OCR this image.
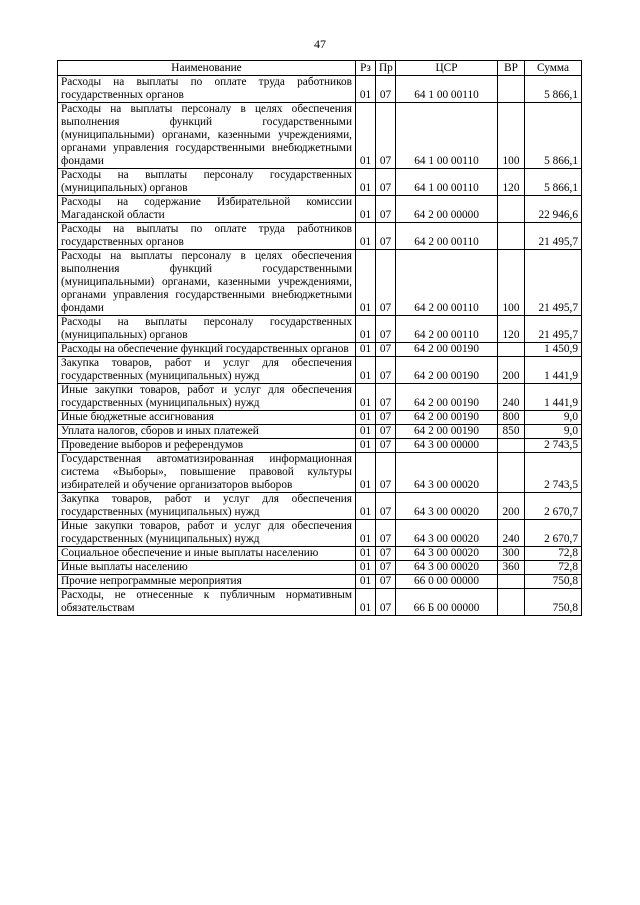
47
Наименование	Рз	Пр	ЦСР	ВР	Сумма
Расходы на выплаты по оплате труда работников государственных органов	01	07	64 1 00 00110		5 866,1
Расходы на выплаты персоналу в целях обеспечения выполнения функций государственными (муниципальными) органами, казенными учреждениями, органами управления государственными внебюджетными фондами	01	07	64 1 00 00110	100	5 866,1
Расходы на выплаты персоналу государственных (муниципальных) органов	01	07	64 1 00 00110	120	5 866,1
Расходы на содержание Избирательной комиссии Магаданской области	01	07	64 2 00 00000		22 946,6
Расходы на выплаты по оплате труда работников государственных органов	01	07	64 2 00 00110		21 495,7
Расходы на выплаты персоналу в целях обеспечения выполнения функций государственными (муниципальными) органами, казенными учреждениями, органами управления государственными внебюджетными фондами	01	07	64 2 00 00110	100	21 495,7
Расходы на выплаты персоналу государственных (муниципальных) органов	01	07	64 2 00 00110	120	21 495,7
Расходы на обеспечение функций государственных органов	01	07	64 2 00 00190		1 450,9
Закупка товаров, работ и услуг для обеспечения государственных (муниципальных) нужд	01	07	64 2 00 00190	200	1 441,9
Иные закупки товаров, работ и услуг для обеспечения государственных (муниципальных) нужд	01	07	64 2 00 00190	240	1 441,9
Иные бюджетные ассигнования	01	07	64 2 00 00190	800	9,0
Уплата налогов, сборов и иных платежей	01	07	64 2 00 00190	850	9,0
Проведение выборов и референдумов	01	07	64 3 00 00000		2 743,5
Государственная автоматизированная информационная система «Выборы», повышение правовой культуры избирателей и обучение организаторов выборов	01	07	64 3 00 00020		2 743,5
Закупка товаров, работ и услуг для обеспечения государственных (муниципальных) нужд	01	07	64 3 00 00020	200	2 670,7
Иные закупки товаров, работ и услуг для обеспечения государственных (муниципальных) нужд	01	07	64 3 00 00020	240	2 670,7
Социальное обеспечение и иные выплаты населению	01	07	64 3 00 00020	300	72,8
Иные выплаты населению	01	07	64 3 00 00020	360	72,8
Прочие непрограммные мероприятия	01	07	66 0 00 00000		750,8
Расходы, не отнесенные к публичным нормативным обязательствам	01	07	66 Б 00 00000		750,8
